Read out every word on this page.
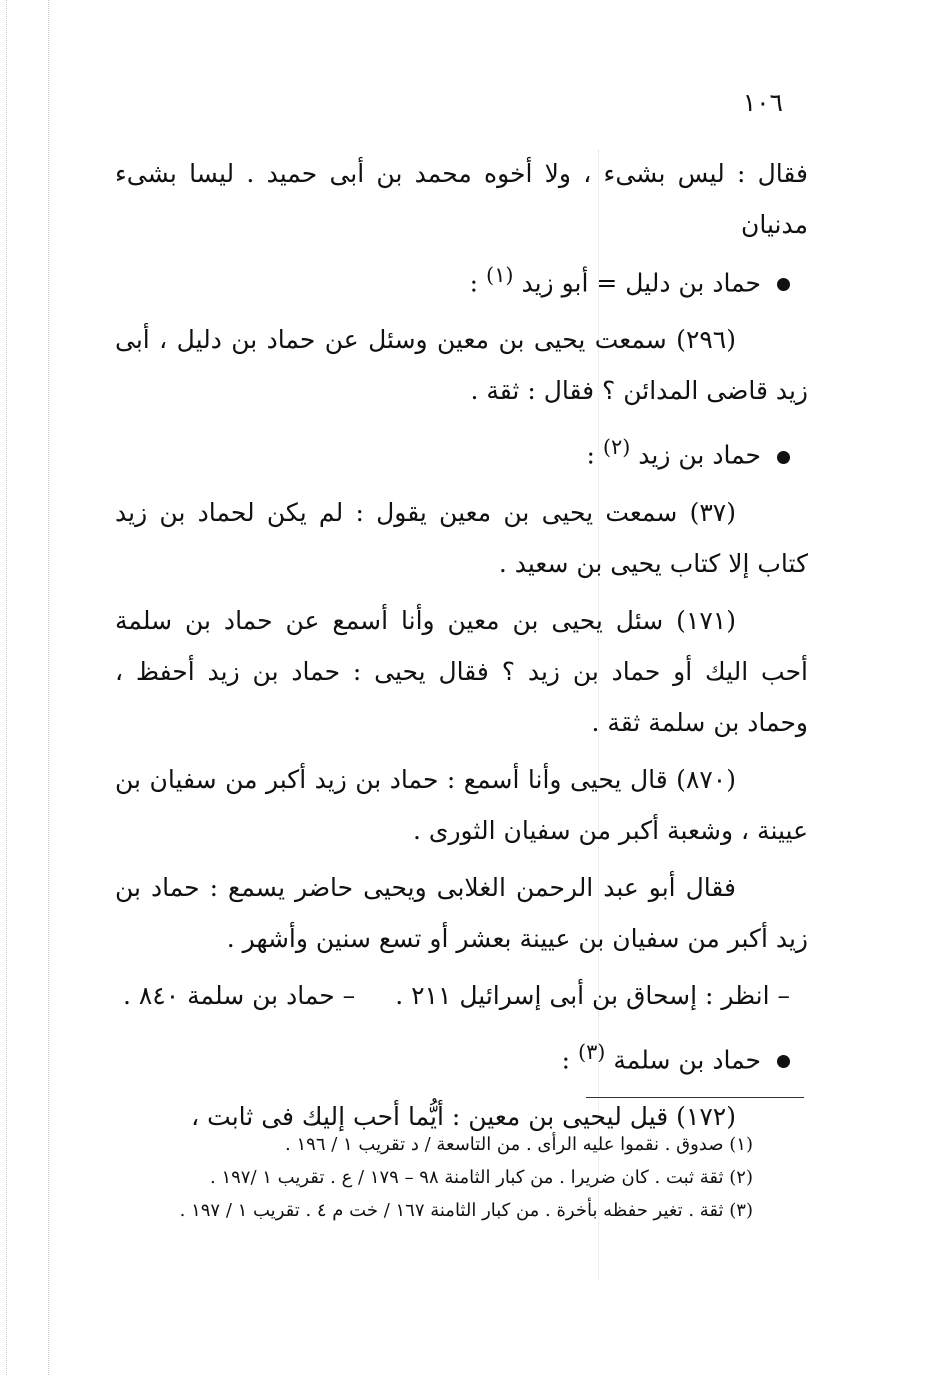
١٠٦

فقال : ليس بشىء ، ولا أخوه محمد بن أبى حميد . ليسا بشىء مدنيان

حماد بن دليل = أبو زيد $^{(١)}$ :

(٢٩٦) سمعت يحيى بن معين وسئل عن حماد بن دليل ، أبى زيد قاضى المدائن ؟ فقال : ثقة .

حماد بن زيد $^{(٢)}$ :

(٣٧) سمعت يحيى بن معين يقول : لم يكن لحماد بن زيد كتاب إلا كتاب يحيى بن سعيد .

(١٧١) سئل يحيى بن معين وأنا أسمع عن حماد بن سلمة أحب اليك أو حماد بن زيد ؟ فقال يحيى : حماد بن زيد أحفظ ، وحماد بن سلمة ثقة .

(٨٧٠) قال يحيى وأنا أسمع : حماد بن زيد أكبر من سفيان بن عيينة ، وشعبة أكبر من سفيان الثورى .

فقال أبو عبد الرحمن الغلابى ويحيى حاضر يسمع : حماد بن زيد أكبر من سفيان بن عيينة بعشر أو تسع سنين وأشهر .

– انظر : إسحاق بن أبى إسرائيل ٢١١ .– حماد بن سلمة ٨٤٠ .

حماد بن سلمة $^{(٣)}$ :

(١٧٢) قيل ليحيى بن معين : أيُّما أحب إليك فى ثابت ،

(١) صدوق . نقموا عليه الرأى . من التاسعة / د تقريب ١ / ١٩٦ .

(٢) ثقة ثبت . كان ضريرا . من كبار الثامنة ٩٨ – ١٧٩ / ع . تقريب ١ /١٩٧ .

(٣) ثقة . تغير حفظه بأخرة . من كبار الثامنة ١٦٧ / خت م ٤ . تقريب ١ / ١٩٧ .
